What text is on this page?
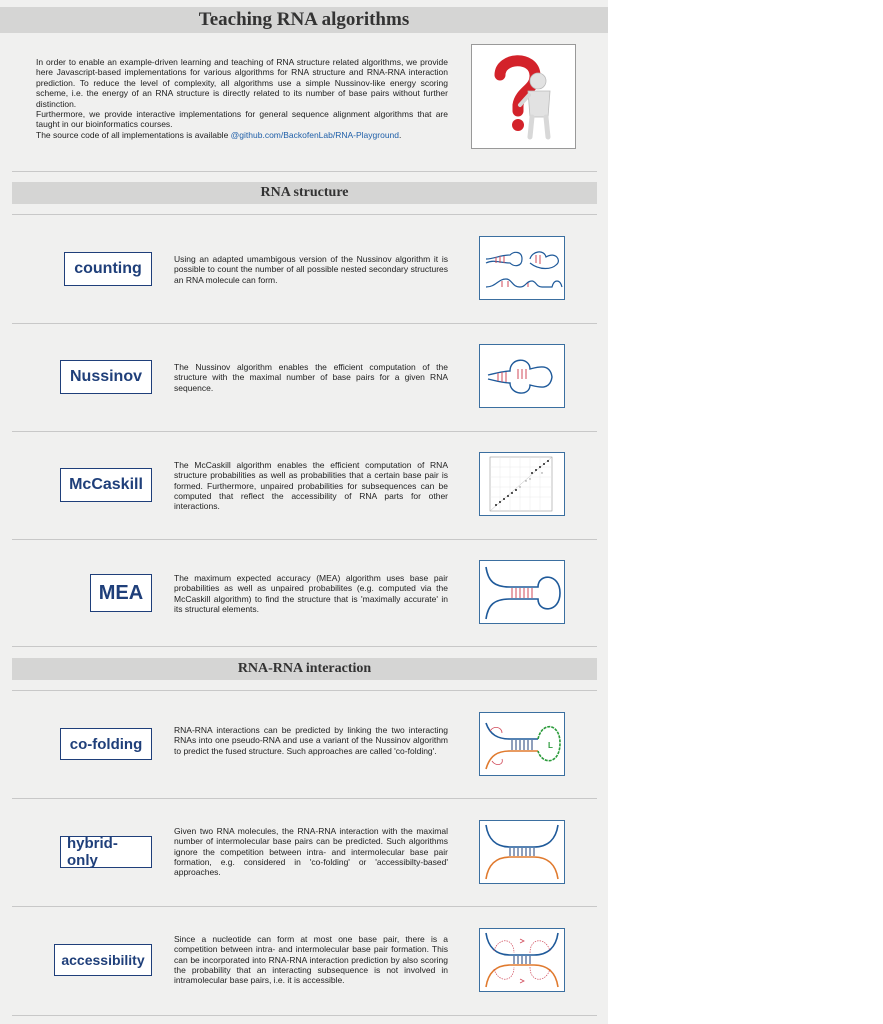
Teaching RNA algorithms

In order to enable an example-driven learning and teaching of RNA structure related algorithms, we provide here Javascript-based implementations for various algorithms for RNA structure and RNA-RNA interaction prediction. To reduce the level of complexity, all algorithms use a simple Nussinov-like energy scoring scheme, i.e. the energy of an RNA structure is directly related to its number of base pairs without further distinction.

Furthermore, we provide interactive implementations for general sequence alignment algorithms that are taught in our bioinformatics courses.

The source code of all implementations is available @github.com/BackofenLab/RNA-Playground.

RNA structure
counting
Using an adapted umambigous version of the Nussinov algorithm it is possible to count the number of all possible nested secondary structures an RNA molecule can form.
Nussinov
The Nussinov algorithm enables the efficient computation of the structure with the maximal number of base pairs for a given RNA sequence.
McCaskill
The McCaskill algorithm enables the efficient computation of RNA structure probabilities as well as probabilities that a certain base pair is formed. Furthermore, unpaired probabilities for subsequences can be computed that reflect the accessibility of RNA parts for other interactions.
MEA
The maximum expected accuracy (MEA) algorithm uses base pair probabilities as well as unpaired probabilites (e.g. computed via the McCaskill algorithm) to find the structure that is 'maximally accurate' in its structural elements.
RNA-RNA interaction
co-folding
RNA-RNA interactions can be predicted by linking the two interacting RNAs into one pseudo-RNA and use a variant of the Nussinov algorithm to predict the fused structure. Such approaches are called 'co-folding'.
L
hybrid-only
Given two RNA molecules, the RNA-RNA interaction with the maximal number of intermolecular base pairs can be predicted. Such algorithms ignore the competition between intra- and intermolecular base pair formation, e.g. considered in 'co-folding' or 'accessibilty-based' approaches.
accessibility
Since a nucleotide can form at most one base pair, there is a competition between intra- and intermolecular base pair formation. This can be incorporated into RNA-RNA interaction prediction by also scoring the probability that an interacting subsequence is not involved in intramolecular base pairs, i.e. it is accessible.
